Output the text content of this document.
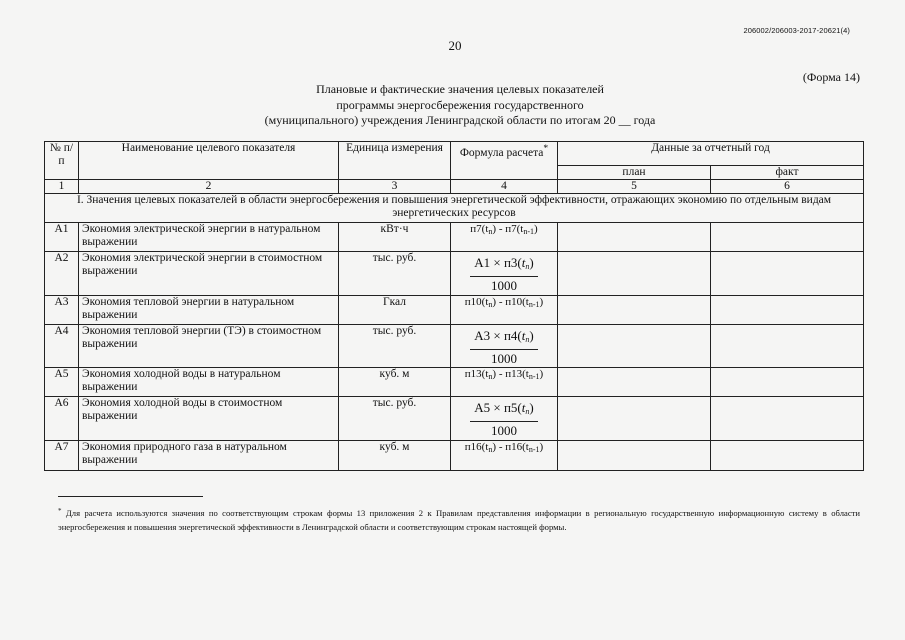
206002/206003-2017-20621(4)
20
(Форма 14)
Плановые и фактические значения целевых показателей
программы энергосбережения государственного
(муниципального) учреждения Ленинградской области по итогам 20 __ года
№ п/п	Наименование целевого показателя	Единица измерения	Формула расчета*	Данные за отчетный год	
				план	факт
1	2	3	4	5	6
I. Значения целевых показателей в области энергосбережения и повышения энергетической эффективности, отражающих экономию по отдельным видам энергетических ресурсов					
А1	Экономия электрической энергии в натуральном выражении	кВт·ч	$п7(t_n) - п7(t_{n-1})$		
А2	Экономия электрической энергии в стоимостном выражении	тыс. руб.	$А1 \times п3(t_n)$
1000		

А3	Экономия тепловой энергии в натуральном выражении	Гкал	$п10(t_n) - п10(t_{n-1})$		
А4	Экономия тепловой энергии (ТЭ) в стоимостном выражении	тыс. руб.	$А3 \times п4(t_n)$
1000		

А5	Экономия холодной воды в натуральном выражении	куб. м	$п13(t_n) - п13(t_{n-1})$		
А6	Экономия холодной воды в стоимостном выражении	тыс. руб.	$А5 \times п5(t_n)$
1000		

А7	Экономия природного газа в натуральном выражении	куб. м	$п16(t_n) - п16(t_{n-1})$		
* Для расчета используются значения по соответствующим строкам формы 13 приложения 2 к Правилам представления информации в региональную государственную информационную систему в области энергосбережения и повышения энергетической эффективности в Ленинградской области и соответствующим строкам настоящей формы.
